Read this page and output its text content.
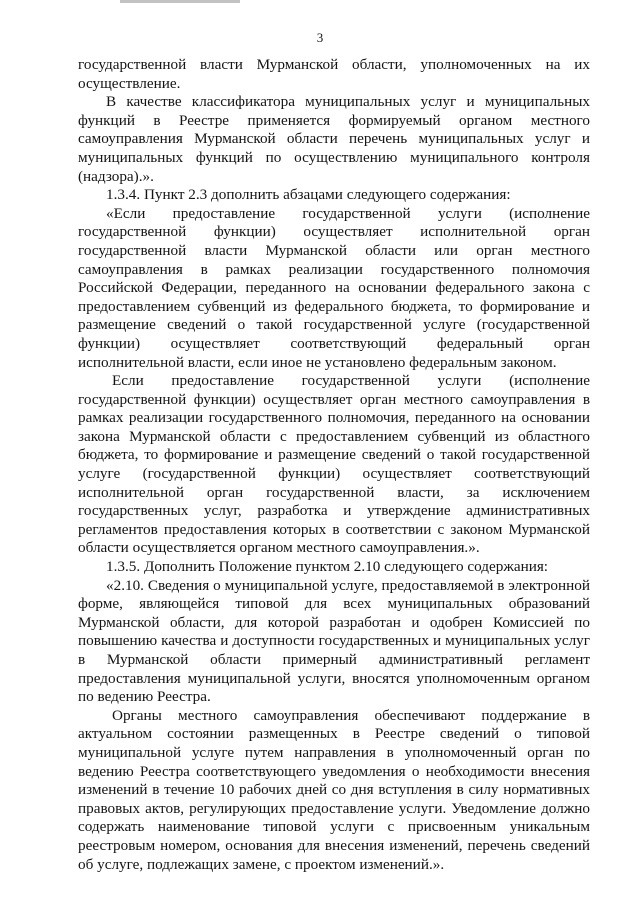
3

государственной власти Мурманской области, уполномоченных на их осуществление.

В качестве классификатора муниципальных услуг и муниципальных функций в Реестре применяется формируемый органом местного самоуправления Мурманской области перечень муниципальных услуг и муниципальных функций по осуществлению муниципального контроля (надзора).».

1.3.4. Пункт 2.3 дополнить абзацами следующего содержания:

«Если предоставление государственной услуги (исполнение государственной функции) осуществляет исполнительной орган государственной власти Мурманской области или орган местного самоуправления в рамках реализации государственного полномочия Российской Федерации, переданного на основании федерального закона с предоставлением субвенций из федерального бюджета, то формирование и размещение сведений о такой государственной услуге (государственной функции) осуществляет соответствующий федеральный орган исполнительной власти, если иное не установлено федеральным законом.

Если предоставление государственной услуги (исполнение государственной функции) осуществляет орган местного самоуправления в рамках реализации государственного полномочия, переданного на основании закона Мурманской области с предоставлением субвенций из областного бюджета, то формирование и размещение сведений о такой государственной услуге (государственной функции) осуществляет соответствующий исполнительной орган государственной власти, за исключением государственных услуг, разработка и утверждение административных регламентов предоставления которых в соответствии с законом Мурманской области осуществляется органом местного самоуправления.».

1.3.5. Дополнить Положение пунктом 2.10 следующего содержания:

«2.10. Сведения о муниципальной услуге, предоставляемой в электронной форме, являющейся типовой для всех муниципальных образований Мурманской области, для которой разработан и одобрен Комиссией по повышению качества и доступности государственных и муниципальных услуг в Мурманской области примерный административный регламент предоставления муниципальной услуги, вносятся уполномоченным органом по ведению Реестра.

Органы местного самоуправления обеспечивают поддержание в актуальном состоянии размещенных в Реестре сведений о типовой муниципальной услуге путем направления в уполномоченный орган по ведению Реестра соответствующего уведомления о необходимости внесения изменений в течение 10 рабочих дней со дня вступления в силу нормативных правовых актов, регулирующих предоставление услуги. Уведомление должно содержать наименование типовой услуги с присвоенным уникальным реестровым номером, основания для внесения изменений, перечень сведений об услуге, подлежащих замене, с проектом изменений.».
